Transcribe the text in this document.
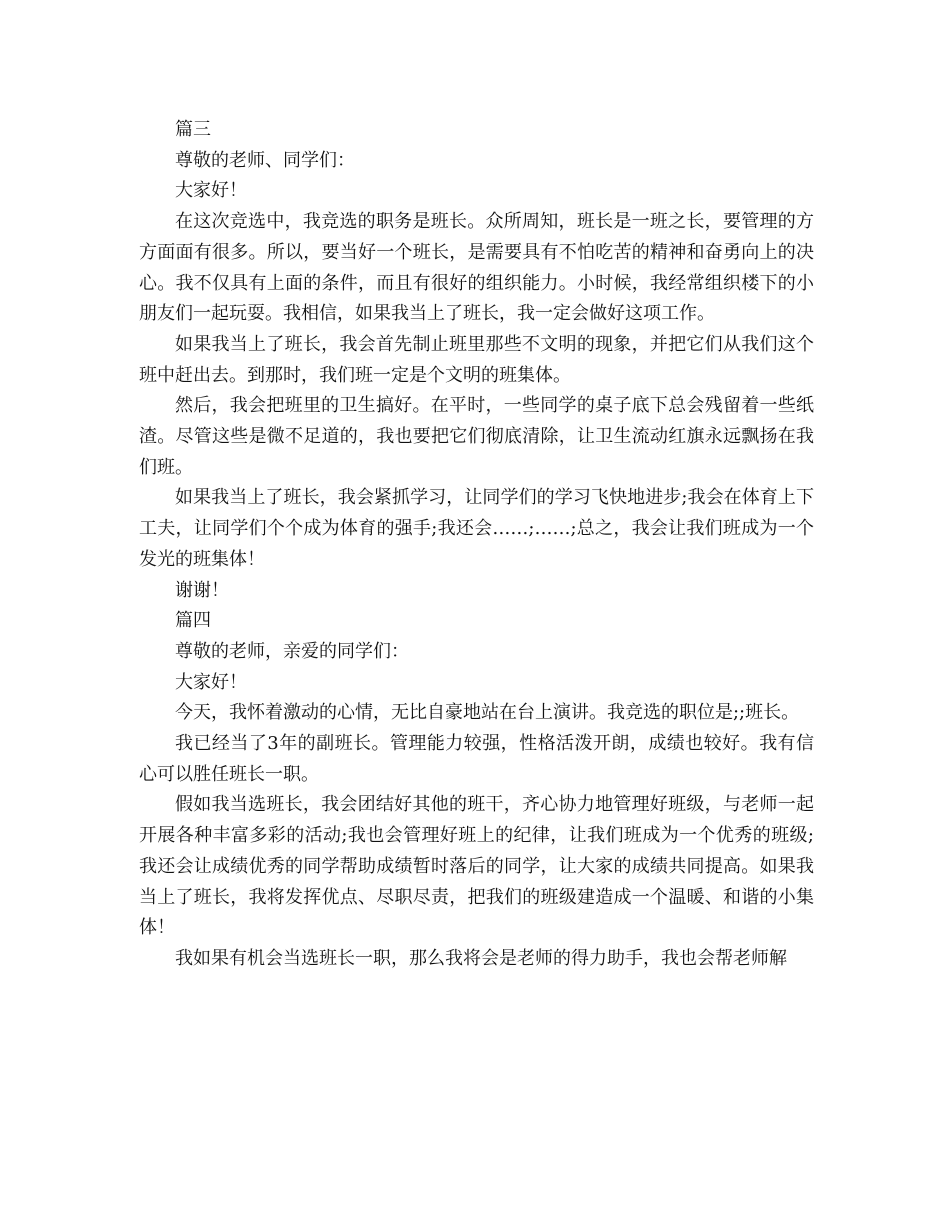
篇三

尊敬的老师、同学们：

大家好！

在这次竞选中，我竞选的职务是班长。众所周知，班长是一班之长，要管理的方方面面有很多。所以，要当好一个班长，是需要具有不怕吃苦的精神和奋勇向上的决心。我不仅具有上面的条件，而且有很好的组织能力。小时候，我经常组织楼下的小朋友们一起玩耍。我相信，如果我当上了班长，我一定会做好这项工作。

如果我当上了班长，我会首先制止班里那些不文明的现象，并把它们从我们这个班中赶出去。到那时，我们班一定是个文明的班集体。

然后，我会把班里的卫生搞好。在平时，一些同学的桌子底下总会残留着一些纸渣。尽管这些是微不足道的，我也要把它们彻底清除，让卫生流动红旗永远飘扬在我们班。

如果我当上了班长，我会紧抓学习，让同学们的学习飞快地进步;我会在体育上下工夫，让同学们个个成为体育的强手;我还会……;……;总之，我会让我们班成为一个发光的班集体！

谢谢！

篇四

尊敬的老师，亲爱的同学们：

大家好！

今天，我怀着激动的心情，无比自豪地站在台上演讲。我竞选的职位是;;班长。

我已经当了3年的副班长。管理能力较强，性格活泼开朗，成绩也较好。我有信心可以胜任班长一职。

假如我当选班长，我会团结好其他的班干，齐心协力地管理好班级，与老师一起开展各种丰富多彩的活动;我也会管理好班上的纪律，让我们班成为一个优秀的班级;我还会让成绩优秀的同学帮助成绩暂时落后的同学，让大家的成绩共同提高。如果我当上了班长，我将发挥优点、尽职尽责，把我们的班级建造成一个温暖、和谐的小集体！

我如果有机会当选班长一职，那么我将会是老师的得力助手，我也会帮老师解
